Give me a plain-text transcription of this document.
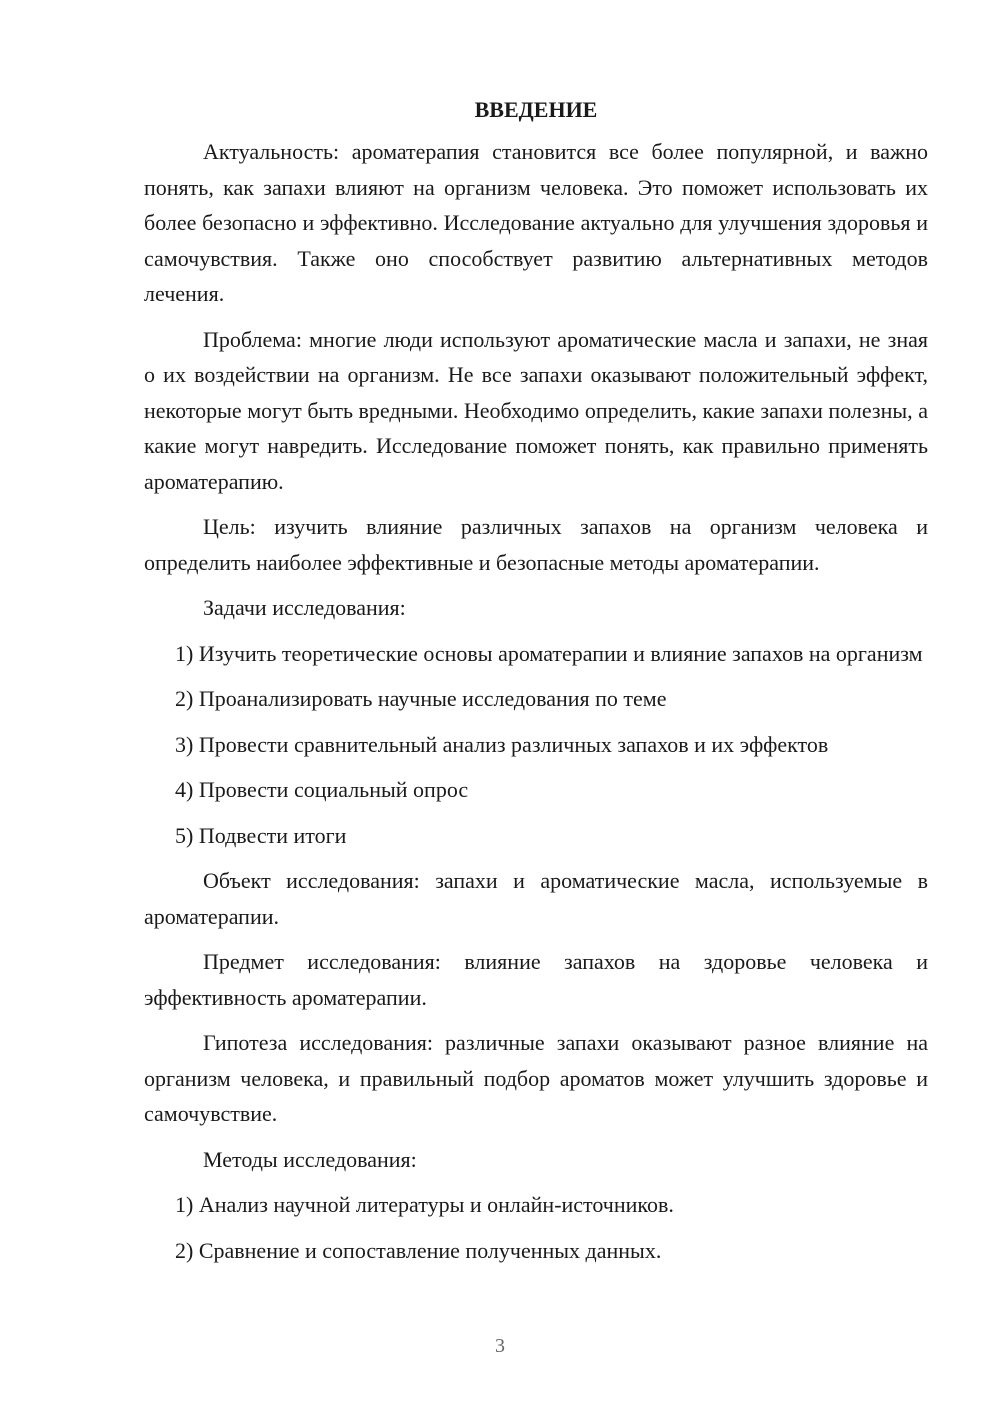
ВВЕДЕНИЕ

Актуальность: ароматерапия становится все более популярной, и важно понять, как запахи влияют на организм человека. Это поможет использовать их более безопасно и эффективно. Исследование актуально для улучшения здоровья и самочувствия. Также оно способствует развитию альтернативных методов лечения.

Проблема: многие люди используют ароматические масла и запахи, не зная о их воздействии на организм. Не все запахи оказывают положительный эффект, некоторые могут быть вредными. Необходимо определить, какие запахи полезны, а какие могут навредить. Исследование поможет понять, как правильно применять ароматерапию.

Цель: изучить влияние различных запахов на организм человека и определить наиболее эффективные и безопасные методы ароматерапии.

Задачи исследования:

1) Изучить теоретические основы ароматерапии и влияние запахов на организм

2) Проанализировать научные исследования по теме

3) Провести сравнительный анализ различных запахов и их эффектов

4) Провести социальный опрос

5) Подвести итоги

Объект исследования: запахи и ароматические масла, используемые в ароматерапии.

Предмет исследования: влияние запахов на здоровье человека и эффективность ароматерапии.

Гипотеза исследования: различные запахи оказывают разное влияние на организм человека, и правильный подбор ароматов может улучшить здоровье и самочувствие.

Методы исследования:

1) Анализ научной литературы и онлайн-источников.

2) Сравнение и сопоставление полученных данных.

3
